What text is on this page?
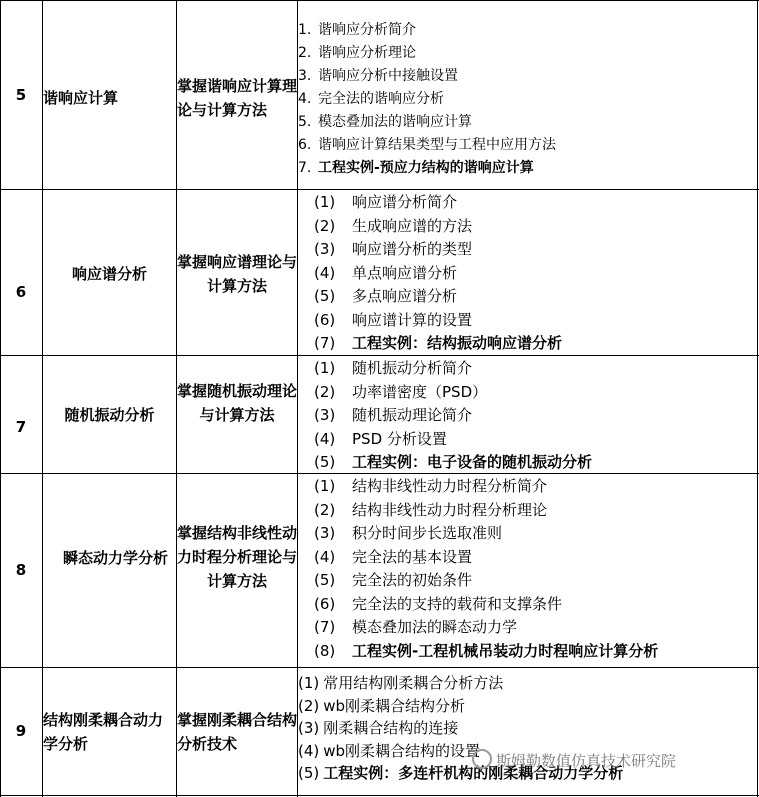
5	谐响应计算
掌握谐响应计算理论与计算方法
1. 谐响应分析简介
2. 谐响应分析理论
3. 谐响应分析中接触设置
4. 完全法的谐响应分析
5. 模态叠加法的谐响应计算
6. 谐响应计算结果类型与工程中应用方法
7. 工程实例-预应力结构的谐响应计算
6
响应谱分析
掌握响应谱理论与计算方法
(1) 响应谱分析简介
(2) 生成响应谱的方法
(3) 响应谱分析的类型
(4) 单点响应谱分析
(5) 多点响应谱分析
(6) 响应谱计算的设置
(7) 工程实例：结构振动响应谱分析
7
随机振动分析
掌握随机振动理论与计算方法
(1) 随机振动分析简介
(2) 功率谱密度（PSD）
(3) 随机振动理论简介
(4) PSD 分析设置
(5) 工程实例：电子设备的随机振动分析
8
瞬态动力学分析
掌握结构非线性动力时程分析理论与计算方法
(1) 结构非线性动力时程分析简介
(2) 结构非线性动力时程分析理论
(3) 积分时间步长选取准则
(4) 完全法的基本设置
(5) 完全法的初始条件
(6) 完全法的支持的载荷和支撑条件
(7) 模态叠加法的瞬态动力学
(8) 工程实例-工程机械吊装动力时程响应计算分析
9
结构刚柔耦合动力学分析
掌握刚柔耦合结构分析技术
(1) 常用结构刚柔耦合分析方法
(2) wb刚柔耦合结构分析
(3) 刚柔耦合结构的连接
(4) wb刚柔耦合结构的设置
(5) 工程实例：多连杆机构的刚柔耦合动力学分析
斯姆勒数值仿真技术研究院
